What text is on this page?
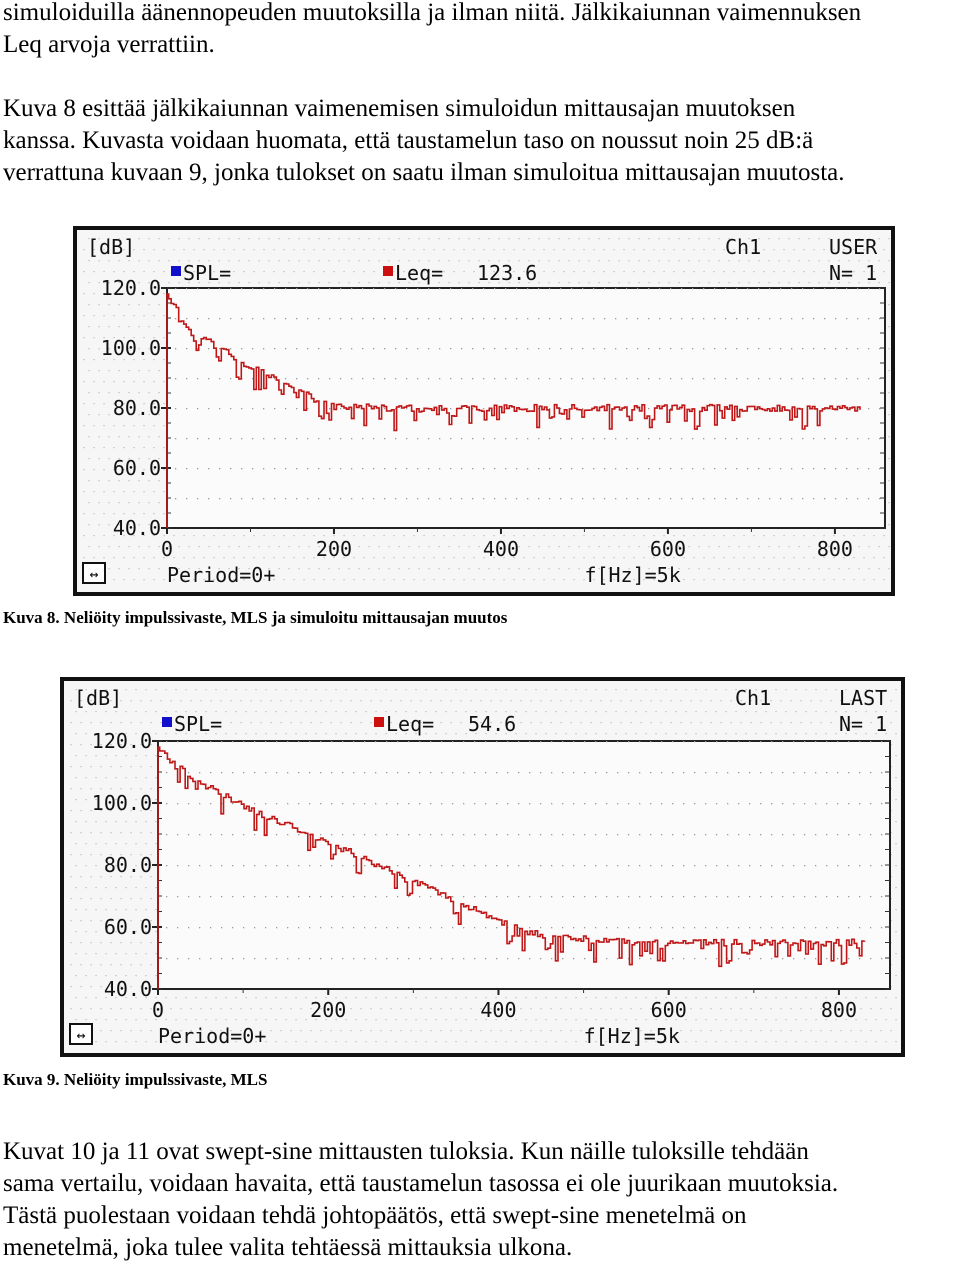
simuloiduilla äänennopeuden muutoksilla ja ilman niitä. Jälkikaiunnan vaimennuksen
Leq arvoja verrattiin.
Kuva 8 esittää jälkikaiunnan vaimenemisen simuloidun mittausajan muutoksen
kanssa. Kuvasta voidaan huomata, että taustamelun taso on noussut noin 25 dB:ä
verrattuna kuvaan 9, jonka tulokset on saatu ilman simuloitua mittausajan muutosta.
[dB]	Ch1	USER
N= 1
SPL=	Leq= 123.6
120.0
100.0
80.0
60.0
40.0
0	200	400	600	800
↔	Period=0+	f[Hz]=5k
Kuva 8. Neliöity impulssivaste, MLS ja simuloitu mittausajan muutos
[dB]	Ch1	LAST
N= 1
SPL=	Leq= 54.6
120.0
100.0
80.0
60.0
40.0
0	200	400	600	800
↔	Period=0+	f[Hz]=5k
Kuva 9. Neliöity impulssivaste, MLS
Kuvat 10 ja 11 ovat swept-sine mittausten tuloksia. Kun näille tuloksille tehdään
sama vertailu, voidaan havaita, että taustamelun tasossa ei ole juurikaan muutoksia.
Tästä puolestaan voidaan tehdä johtopäätös, että swept-sine menetelmä on
menetelmä, joka tulee valita tehtäessä mittauksia ulkona.
